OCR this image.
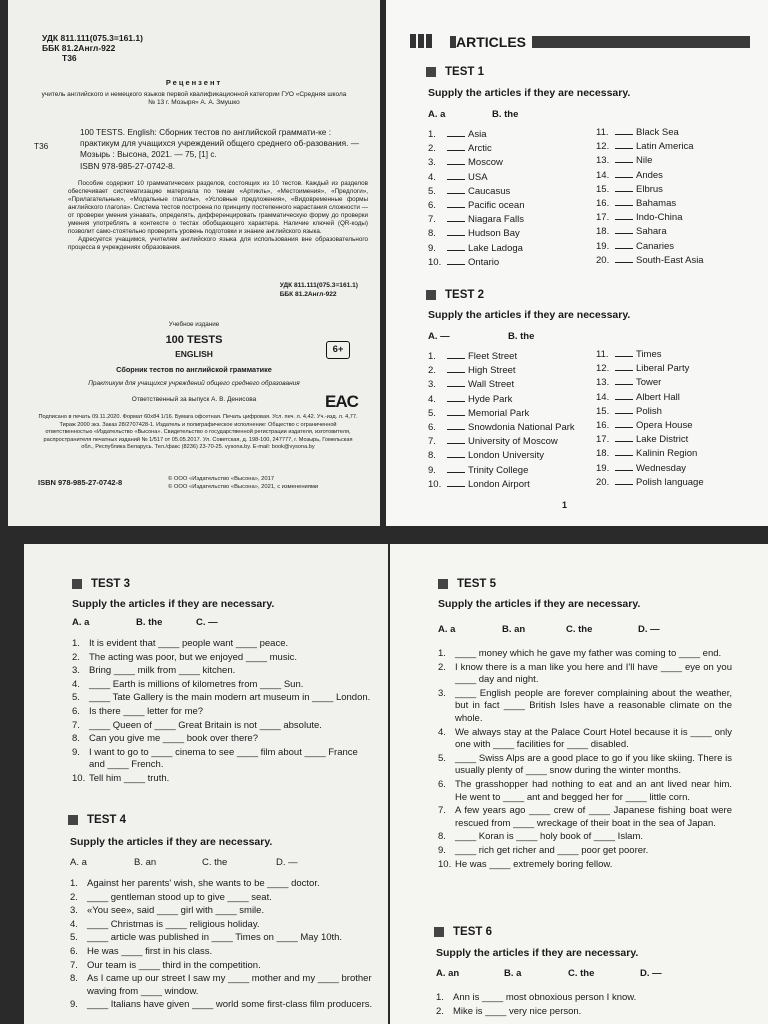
УДК 811.111(075.3=161.1)
ББК 81.2Англ-922
Т36
Рецензент
учитель английского и немецкого языков первой квалификационной категории ГУО «Средняя школа № 13 г. Мозыря» А. А. Змушко
Т36
100 TESTS. English: Сборник тестов по английской граммати-ке : практикум для учащихся учреждений общего среднего об-разования. — Мозырь : Высона, 2021. — 75, [1] с.
ISBN 978-985-27-0742-8.

Пособие содержит 10 грамматических разделов, состоящих из 10 тестов. Каждый из разделов обеспечивает систематизацию материала по темам «Артикль», «Местоимения», «Предлоги», «Прилагательные», «Модальные глаголы», «Условные предложения», «Видовременные формы английского глагола». Система тестов построена по принципу постепенного нарастания сложности — от проверки умения узнавать, определять, дифференцировать грамматическую форму до проверки умения употреблять в контексте о тестах обобщающего характера. Наличие ключей (QR-коды) позволит само-стоятельно проверить уровень подготовки и знание английского языка.

Адресуется учащимся, учителям английского языка для использования вне образовательного процесса в учреждениях образования.

УДК 811.111(075.3=161.1)
ББК 81.2Англ-922
Учебное издание
100 TESTS
ENGLISH	6+
Сборник тестов по английской грамматике
Практикум для учащихся учреждений общего среднего образования
Ответственный за выпуск А. В. Денисова	EAC
Подписано в печать 09.11.2020. Формат 60х84 1/16. Бумага офсетная. Печать цифровая. Усл. печ. л. 4,42. Уч.-изд. л. 4,77. Тираж 2000 экз. Заказ 28/2707428-1. Издатель и полиграфическое исполнение: Общество с ограниченной ответственностью «Издательство «Высона». Свидетельство о государственной регистрации издателя, изготовителя, распространителя печатных изданий № 1/517 от 05.05.2017. Ул. Советская, д. 198-100, 247777, г. Мозырь, Гомельская обл., Республика Беларусь. Тел./факс (8236) 23-70-25. vysona.by. E-mail: book@vysona.by
ISBN 978-985-27-0742-8	© ООО «Издательство «Высона», 2017
© ООО «Издательство «Высона», 2021, с изменениями
ARTICLES
TEST 1
Supply the articles if they are necessary.
A. a	B. the
1.	Asia
2.	Arctic
3.	Moscow
4.	USA
5.	Caucasus
6.	Pacific ocean
7.	Niagara Falls
8.	Hudson Bay
9.	Lake Ladoga
10.	Ontario
11.	Black Sea
12.	Latin America
13.	Nile
14.	Andes
15.	Elbrus
16.	Bahamas
17.	Indo-China
18.	Sahara
19.	Canaries
20.	South-East Asia
TEST 2
Supply the articles if they are necessary.
A. —	B. the
1.	Fleet Street
2.	High Street
3.	Wall Street
4.	Hyde Park
5.	Memorial Park
6.	Snowdonia National Park
7.	University of Moscow
8.	London University
9.	Trinity College
10.	London Airport
11.	Times
12.	Liberal Party
13.	Tower
14.	Albert Hall
15.	Polish
16.	Opera House
17.	Lake District
18.	Kalinin Region
19.	Wednesday
20.	Polish language
1
TEST 3
Supply the articles if they are necessary.
A. a	B. the	C. —
1. It is evident that ____ people want ____ peace.
2. The acting was poor, but we enjoyed ____ music.
3. Bring ____ milk from ____ kitchen.
4. ____ Earth is millions of kilometres from ____ Sun.
5. ____ Tate Gallery is the main modern art museum in ____ London.
6. Is there ____ letter for me?
7. ____ Queen of ____ Great Britain is not ____ absolute.
8. Can you give me ____ book over there?
9. I want to go to ____ cinema to see ____ film about ____ France and ____ French.
10. Tell him ____ truth.
TEST 4
Supply the articles if they are necessary.
A. a	B. an	C. the	D. —
1. Against her parents' wish, she wants to be ____ doctor.
2. ____ gentleman stood up to give ____ seat.
3. «You see», said ____ girl with ____ smile.
4. ____ Christmas is ____ religious holiday.
5. ____ article was published in ____ Times on ____ May 10th.
6. He was ____ first in his class.
7. Our team is ____ third in the competition.
8. As I came up our street I saw my ____ mother and my ____ brother waving from ____ window.
9. ____ Italians have given ____ world some first-class film producers.
TEST 5
Supply the articles if they are necessary.
A. a	B. an	C. the	D. —
1. ____ money which he gave my father was coming to ____ end.
2. I know there is a man like you here and I'll have ____ eye on you ____ day and night.
3. ____ English people are forever complaining about the weather, but in fact ____ British Isles have a reasonable climate on the whole.
4. We always stay at the Palace Court Hotel because it is ____ only one with ____ facilities for ____ disabled.
5. ____ Swiss Alps are a good place to go if you like skiing. There is usually plenty of ____ snow during the winter months.
6. The grasshopper had nothing to eat and an ant lived near him. He went to ____ ant and begged her for ____ little corn.
7. A few years ago ____ crew of ____ Japanese fishing boat were rescued from ____ wreckage of their boat in the sea of Japan.
8. ____ Koran is ____ holy book of ____ Islam.
9. ____ rich get richer and ____ poor get poorer.
10. He was ____ extremely boring fellow.
TEST 6
Supply the articles if they are necessary.
A. an	B. a	C. the	D. —
1. Ann is ____ most obnoxious person I know.
2. Mike is ____ very nice person.
